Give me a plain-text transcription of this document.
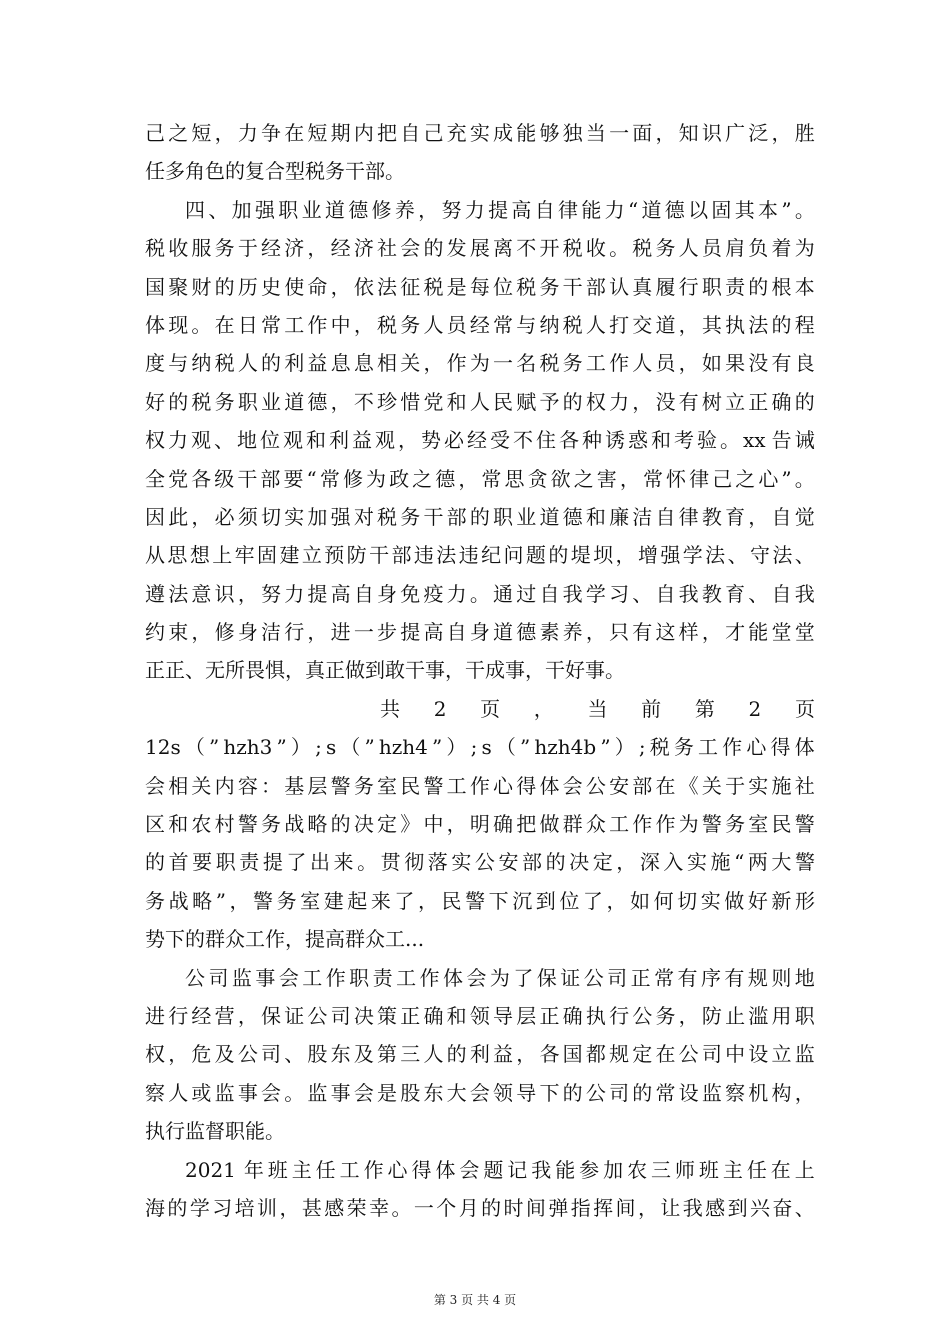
己 之 短 ， 力 争 在 短 期 内 把 自 己 充 实 成 能 够 独 当 一 面 ， 知 识 广 泛 ， 胜
任多角色的复合型税务干部。
四 、 加 强 职 业 道 德 修 养 ， 努 力 提 高 自 律 能 力 “ 道 德 以 固 其 本 ” 。
税 收 服 务 于 经 济 ， 经 济 社 会 的 发 展 离 不 开 税 收 。 税 务 人 员 肩 负 着 为
国 聚 财 的 历 史 使 命 ， 依 法 征 税 是 每 位 税 务 干 部 认 真 履 行 职 责 的 根 本
体 现 。 在 日 常 工 作 中 ， 税 务 人 员 经 常 与 纳 税 人 打 交 道 ， 其 执 法 的 程
度 与 纳 税 人 的 利 益 息 息 相 关 ， 作 为 一 名 税 务 工 作 人 员 ， 如 果 没 有 良
好 的 税 务 职 业 道 德 ， 不 珍 惜 党 和 人 民 赋 予 的 权 力 ， 没 有 树 立 正 确 的
权 力 观 、 地 位 观 和 利 益 观 ， 势 必 经 受 不 住 各 种 诱 惑 和 考 验 。 xx 告 诫
全 党 各 级 干 部 要 “ 常 修 为 政 之 德 ， 常 思 贪 欲 之 害 ， 常 怀 律 己 之 心 ” 。
因 此 ， 必 须 切 实 加 强 对 税 务 干 部 的 职 业 道 德 和 廉 洁 自 律 教 育 ， 自 觉
从 思 想 上 牢 固 建 立 预 防 干 部 违 法 违 纪 问 题 的 堤 坝 ， 增 强 学 法 、 守 法 、
遵 法 意 识 ， 努 力 提 高 自 身 免 疫 力 。 通 过 自 我 学 习 、 自 我 教 育 、 自 我
约 束 ， 修 身 洁 行 ， 进 一 步 提 高 自 身 道 德 素 养 ， 只 有 这 样 ， 才 能 堂 堂
正正、无所畏惧，真正做到敢干事，干成事，干好事。
共 2 页 ， 当 前 第 2 页
12s （ ” hzh3 ” ） ; s （ ” hzh4 ” ） ; s （ ” hzh4b ” ） ; 税 务 工 作 心 得 体
会 相 关 内 容 ： 基 层 警 务 室 民 警 工 作 心 得 体 会 公 安 部 在 《 关 于 实 施 社
区 和 农 村 警 务 战 略 的 决 定 》 中 ， 明 确 把 做 群 众 工 作 作 为 警 务 室 民 警
的 首 要 职 责 提 了 出 来 。 贯 彻 落 实 公 安 部 的 决 定 ， 深 入 实 施 “ 两 大 警
务 战 略 ” ， 警 务 室 建 起 来 了 ， 民 警 下 沉 到 位 了 ， 如 何 切 实 做 好 新 形
势下的群众工作，提高群众工...
公 司 监 事 会 工 作 职 责 工 作 体 会 为 了 保 证 公 司 正 常 有 序 有 规 则 地
进 行 经 营 ， 保 证 公 司 决 策 正 确 和 领 导 层 正 确 执 行 公 务 ， 防 止 滥 用 职
权 ， 危 及 公 司 、 股 东 及 第 三 人 的 利 益 ， 各 国 都 规 定 在 公 司 中 设 立 监
察 人 或 监 事 会 。 监 事 会 是 股 东 大 会 领 导 下 的 公 司 的 常 设 监 察 机 构 ，
执行监督职能。
2021 年 班 主 任 工 作 心 得 体 会 题 记 我 能 参 加 农 三 师 班 主 任 在 上
海 的 学 习 培 训 ， 甚 感 荣 幸 。 一 个 月 的 时 间 弹 指 挥 间 ， 让 我 感 到 兴 奋 、
第 3 页 共 4 页
